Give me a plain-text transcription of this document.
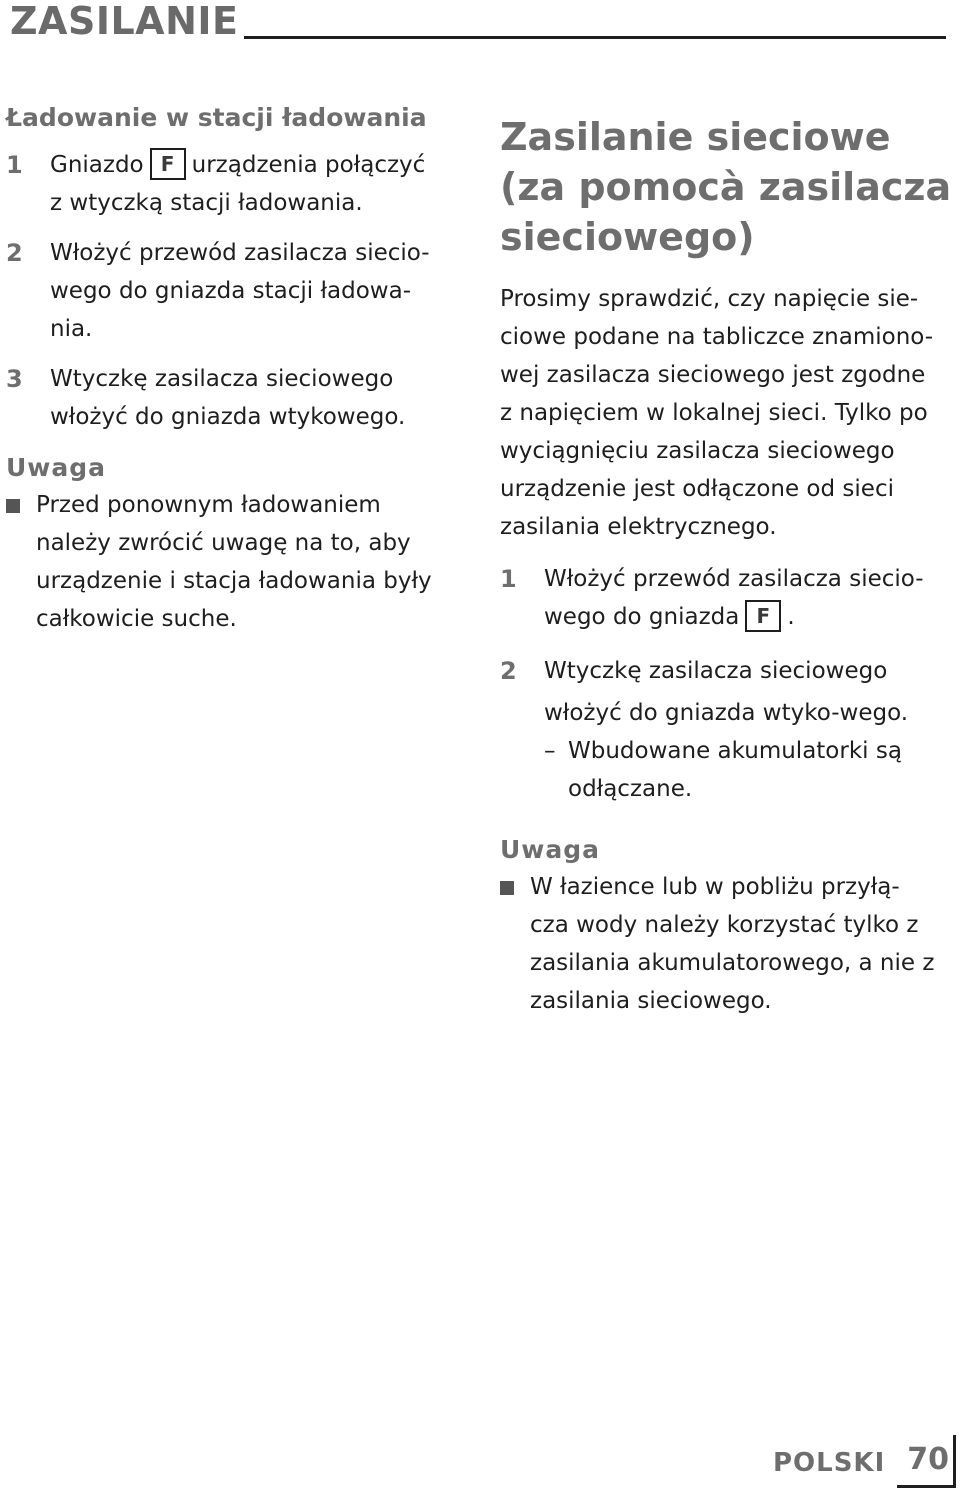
ZASILANIE
Ładowanie w stacji ładowania
1	Gniazdo F urządzenia połączyć
z wtyczką stacji ładowania.
2	Włożyć przewód zasilacza siecio-
wego do gniazda stacji ładowa-
nia.
3	Wtyczkę zasilacza sieciowego
włożyć do gniazda wtykowego.
Uwaga
Przed ponownym ładowaniem
należy zwrócić uwagę na to, aby
urządzenie i stacja ładowania były
całkowicie suche.
Zasilanie sieciowe
(za pomocà zasilacza
sieciowego)
Prosimy sprawdzić, czy napięcie sie-
ciowe podane na tabliczce znamiono-
wej zasilacza sieciowego jest zgodne
z napięciem w lokalnej sieci. Tylko po
wyciągnięciu zasilacza sieciowego
urządzenie jest odłączone od sieci
zasilania elektrycznego.
1	Włożyć przewód zasilacza siecio-
wego do gniazda F .
2	Wtyczkę zasilacza sieciowego
włożyć do gniazda wtyko-wego.
– Wbudowane akumulatorki są
odłączane.
Uwaga
W łazience lub w pobliżu przyłą-
cza wody należy korzystać tylko z
zasilania akumulatorowego, a nie z
zasilania sieciowego.
POLSKI 70
